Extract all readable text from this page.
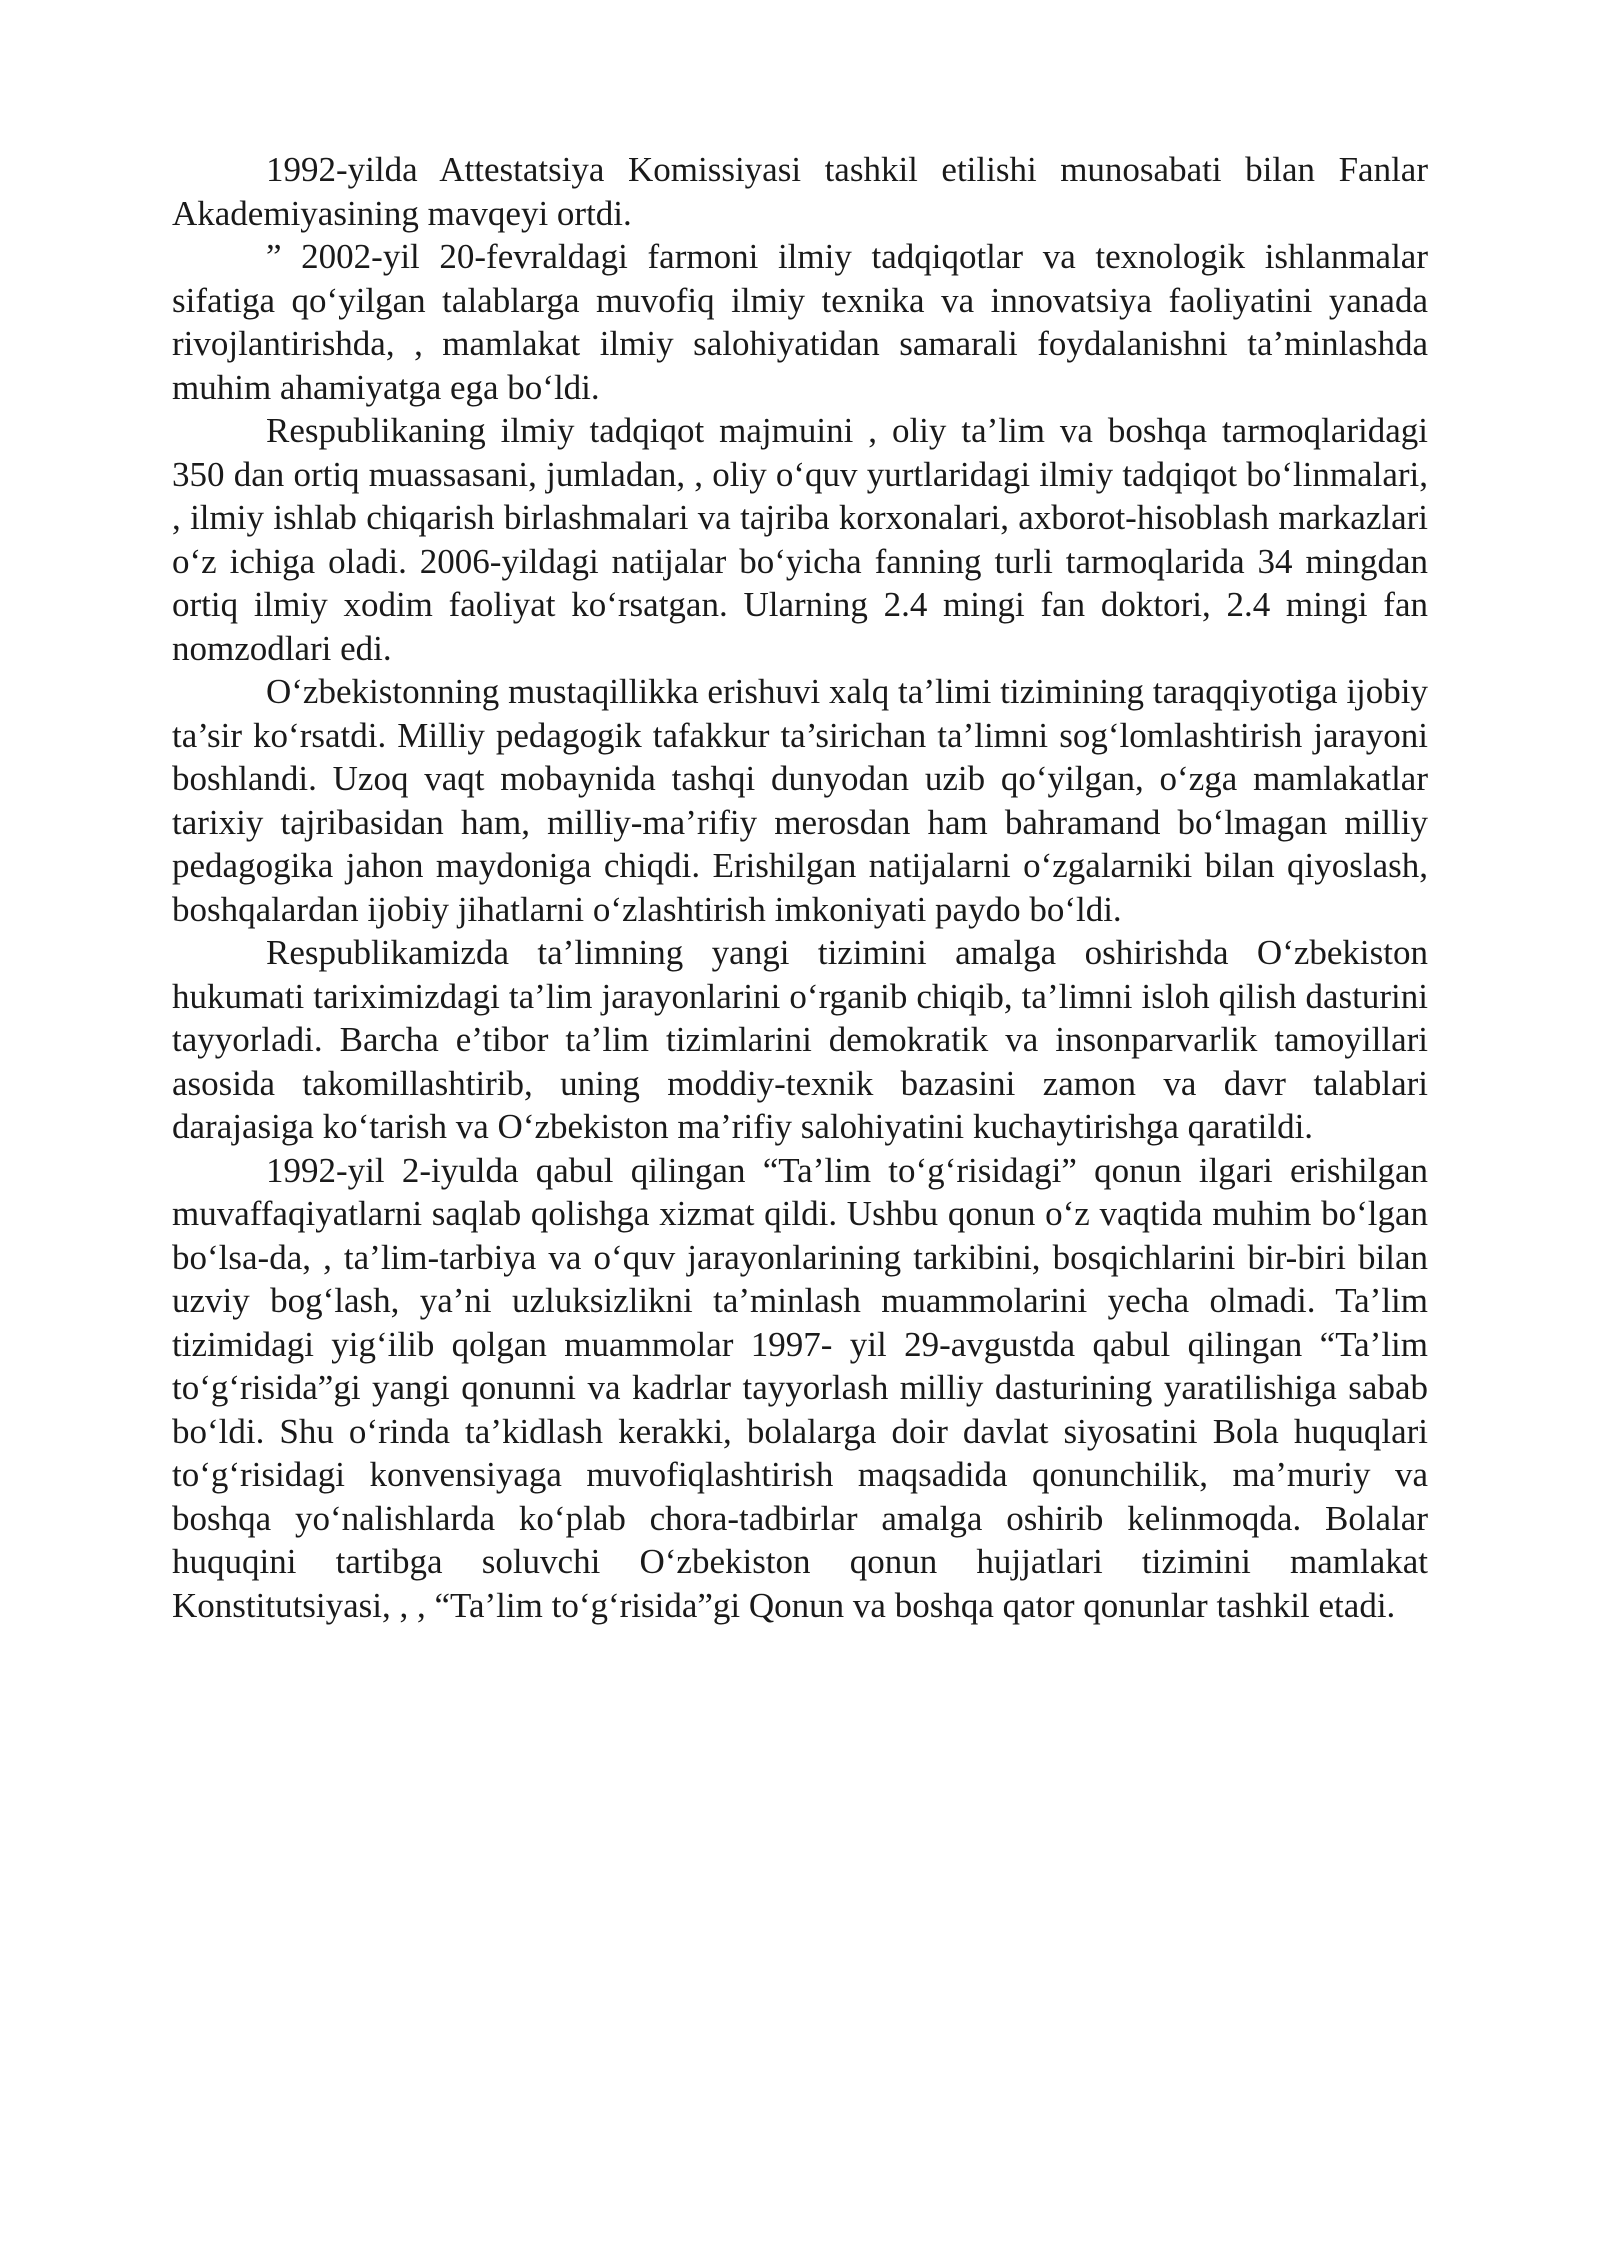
1992-yilda Attestatsiya Komissiyasi tashkil etilishi munosabati bilan Fanlar Akademiyasining mavqeyi ortdi.

” 2002-yil 20-fevraldagi farmoni ilmiy tadqiqotlar va texnologik ishlanmalar sifatiga qo‘yilgan talablarga muvofiq ilmiy texnika va innovatsiya faoliyatini yanada rivojlantirishda, , mamlakat ilmiy salohiyatidan samarali foydalanishni ta’minlashda muhim ahamiyatga ega bo‘ldi.

Respublikaning ilmiy tadqiqot majmuini , oliy ta’lim va boshqa tarmoqlaridagi 350 dan ortiq muassasani, jumladan, , oliy o‘quv yurtlaridagi ilmiy tadqiqot bo‘linmalari, , ilmiy ishlab chiqarish birlashmalari va tajriba korxonalari, axborot-hisoblash markazlari o‘z ichiga oladi. 2006-yildagi natijalar bo‘yicha fanning turli tarmoqlarida 34 mingdan ortiq ilmiy xodim faoliyat ko‘rsatgan. Ularning 2.4 mingi fan doktori, 2.4 mingi fan nomzodlari edi.

O‘zbekistonning mustaqillikka erishuvi xalq ta’limi tizimining taraqqiyotiga ijobiy ta’sir ko‘rsatdi. Milliy pedagogik tafakkur ta’sirichan ta’limni sog‘lomlashtirish jarayoni boshlandi. Uzoq vaqt mobaynida tashqi dunyodan uzib qo‘yilgan, o‘zga mamlakatlar tarixiy tajribasidan ham, milliy-ma’rifiy merosdan ham bahramand bo‘lmagan milliy pedagogika jahon maydoniga chiqdi. Erishilgan natijalarni o‘zgalarniki bilan qiyoslash, boshqalardan ijobiy jihatlarni o‘zlashtirish imkoniyati paydo bo‘ldi.

Respublikamizda ta’limning yangi tizimini amalga oshirishda O‘zbekiston hukumati tariximizdagi ta’lim jarayonlarini o‘rganib chiqib, ta’limni isloh qilish dasturini tayyorladi. Barcha e’tibor ta’lim tizimlarini demokratik va insonparvarlik tamoyillari asosida takomillashtirib, uning moddiy-texnik bazasini zamon va davr talablari darajasiga ko‘tarish va O‘zbekiston ma’rifiy salohiyatini kuchaytirishga qaratildi.

1992-yil 2-iyulda qabul qilingan “Ta’lim to‘g‘risidagi” qonun ilgari erishilgan muvaffaqiyatlarni saqlab qolishga xizmat qildi. Ushbu qonun o‘z vaqtida muhim bo‘lgan bo‘lsa-da, , ta’lim-tarbiya va o‘quv jarayonlarining tarkibini, bosqichlarini bir-biri bilan uzviy bog‘lash, ya’ni uzluksizlikni ta’minlash muammolarini yecha olmadi. Ta’lim tizimidagi yig‘ilib qolgan muammolar 1997- yil 29-avgustda qabul qilingan “Ta’lim to‘g‘risida”gi yangi qonunni va kadrlar tayyorlash milliy dasturining yaratilishiga sabab bo‘ldi. Shu o‘rinda ta’kidlash kerakki, bolalarga doir davlat siyosatini Bola huquqlari to‘g‘risidagi konvensiyaga muvofiqlashtirish maqsadida qonunchilik, ma’muriy va boshqa yo‘nalishlarda ko‘plab chora-tadbirlar amalga oshirib kelinmoqda. Bolalar huquqini tartibga soluvchi O‘zbekiston qonun hujjatlari tizimini mamlakat Konstitutsiyasi, , , “Ta’lim to‘g‘risida”gi Qonun va boshqa qator qonunlar tashkil etadi.
